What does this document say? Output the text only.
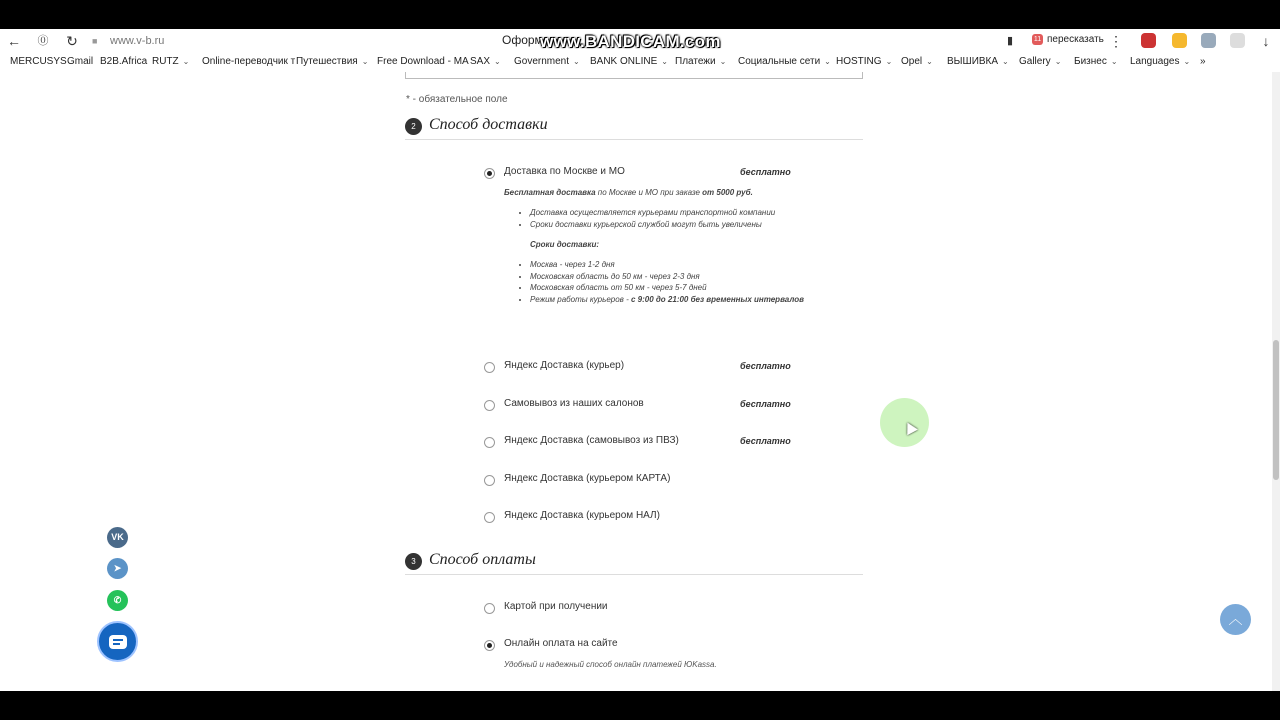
← ⓪ ↻ ■	www.v-b.ru	Оформ
www.BANDICAM.com	▮	11 пересказать ⋮	↓
MERCUSYS Gmail B2B.Africa RUTZ ⌄ Online-переводчик т Путешествия ⌄ Free Download - MA SAX ⌄ Government ⌄ BANK ONLINE ⌄ Платежи ⌄ Социальные сети ⌄ HOSTING ⌄ Opel ⌄ ВЫШИВКА ⌄ Gallery ⌄ Бизнес ⌄ Languages ⌄ »
* - обязательное поле
2 Способ доставки
Доставка по Москве и МО	бесплатно
Яндекс Доставка (курьер)	бесплатно
Самовывоз из наших салонов	бесплатно
Яндекс Доставка (самовывоз из ПВЗ)	бесплатно
Яндекс Доставка (курьером КАРТА)
Яндекс Доставка (курьером НАЛ)

Бесплатная доставка по Москве и МО при заказе от 5000 руб.

• Доставка осуществляется курьерами транспортной компании
• Сроки доставки курьерской службой могут быть увеличены

Сроки доставки:

• Москва - через 1-2 дня
• Московская область до 50 км - через 2-3 дня
• Московская область от 50 км - через 5-7 дней
• Режим работы курьеров - с 9:00 до 21:00 без временных интервалов
3 Способ оплаты
Картой при получении
Онлайн оплата на сайте
Удобный и надежный способ онлайн платежей ЮKassa.
VK
➤
✆
︿
